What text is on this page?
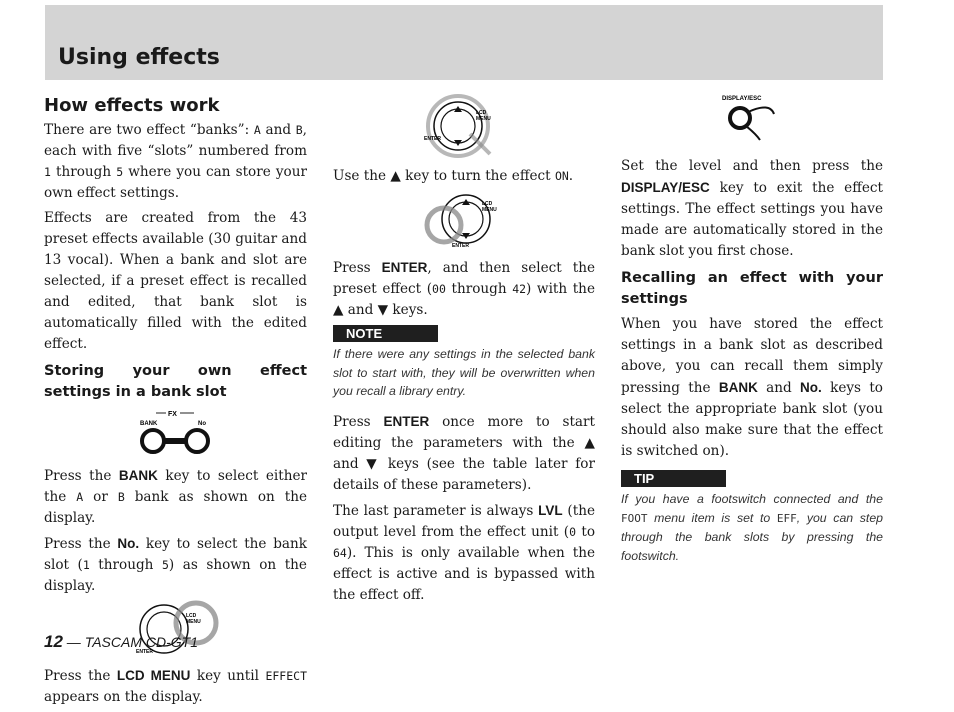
Using effects
How effects work

There are two effect “banks”: A and B, each with five “slots” numbered from 1 through 5 where you can store your own effect settings.

Effects are created from the 43 preset effects available (30 guitar and 13 vocal). When a bank and slot are selected, if a preset effect is recalled and edited, that bank slot is automatically filled with the edited effect.

Storing your own effect settings in a bank slot
FX
BANK	No

Press the BANK key to select either the A or B bank as shown on the display.

Press the No. key to select the bank slot (1 through 5) as shown on the display.

LCD
MENU
ENTER

Press the LCD MENU key until EFFECT appears on the display.

LCD
MENU
ENTER

Use the ▲ key to turn the effect ON.

LCD
MENU
ENTER

Press ENTER, and then select the preset effect (00 through 42) with the ▲ and ▼ keys.

NOTE
If there were any settings in the selected bank slot to start with, they will be overwritten when you recall a library entry.

Press ENTER once more to start editing the parameters with the ▲ and ▼ keys (see the table later for details of these parameters).

The last parameter is always LVL (the output level from the effect unit (0 to 64). This is only available when the effect is active and is bypassed with the effect off.

DISPLAY/ESC

Set the level and then press the DISPLAY/ESC key to exit the effect settings. The effect settings you have made are automatically stored in the bank slot you first chose.

Recalling an effect with your settings

When you have stored the effect settings in a bank slot as described above, you can recall them simply pressing the BANK and No. keys to select the appropriate bank slot (you should also make sure that the effect is switched on).

TIP
If you have a footswitch connected and the FOOT menu item is set to EFF, you can step through the bank slots by pressing the footswitch.
12 — TASCAM CD-GT1
